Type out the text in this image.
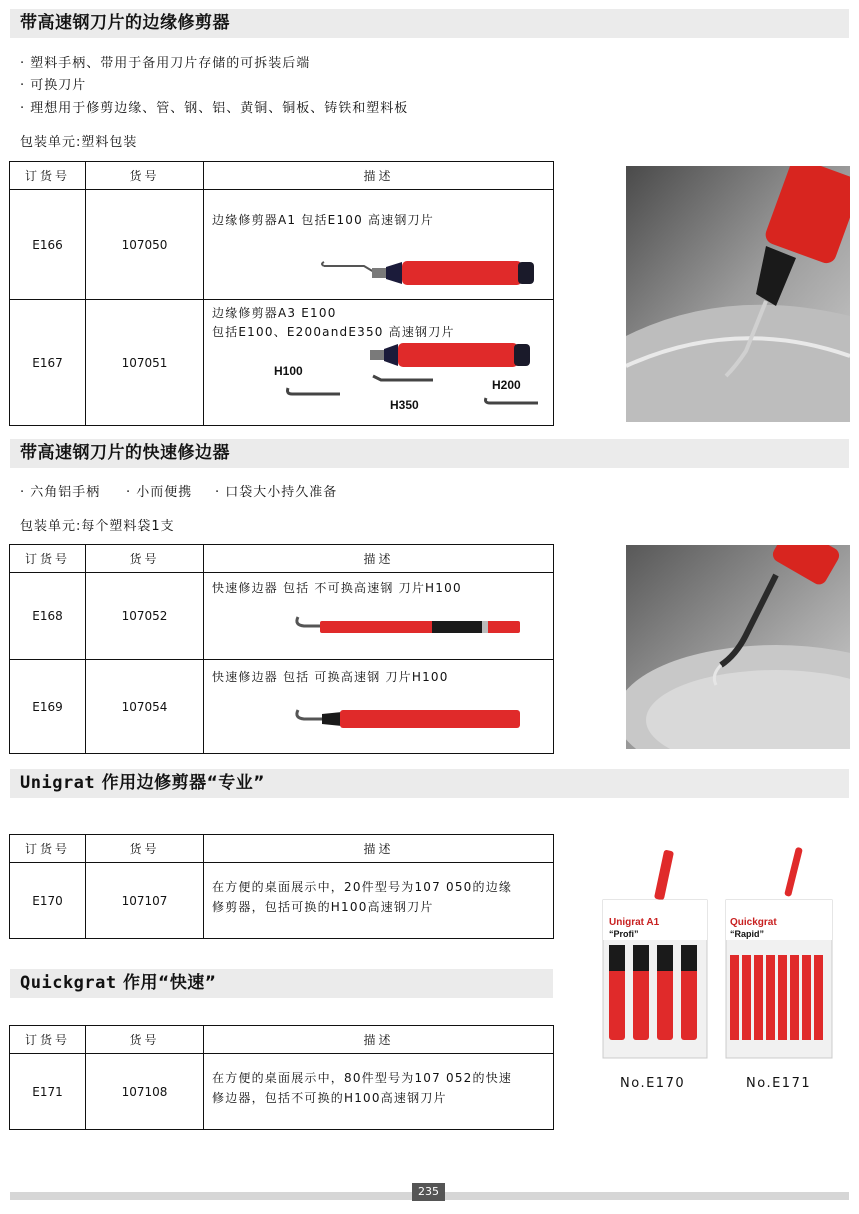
带高速钢刀片的边缘修剪器
· 塑料手柄、带用于备用刀片存储的可拆装后端
· 可换刀片
· 理想用于修剪边缘、管、钢、铝、黄铜、铜板、铸铁和塑料板
包装单元:塑料包装
订货号	货号	描述
E166	107050	边缘修剪器A1 包括E100 高速钢刀片

E167	107051	边缘修剪器A3 E100
包括E100、E200andE350 高速钢刀片
H100
H200
H350
带高速钢刀片的快速修边器
· 六角铝手柄 · 小而便携 · 口袋大小持久准备
包装单元:每个塑料袋1支
订货号	货号	描述
E168	107052	快速修边器 包括 不可换高速钢 刀片H100

E169	107054	快速修边器 包括 可换高速钢 刀片H100
Unigrat 作用边修剪器“专业”
订货号	货号	描述
E170	107107	在方便的桌面展示中，20件型号为107 050的边缘
修剪器，包括可换的H100高速钢刀片
Quickgrat 作用“快速”
订货号	货号	描述
E171	107108	在方便的桌面展示中，80件型号为107 052的快速
修边器，包括不可换的H100高速钢刀片
Unigrat A1
“Profi”
Quickgrat
“Rapid”
No.E170	No.E171
235
